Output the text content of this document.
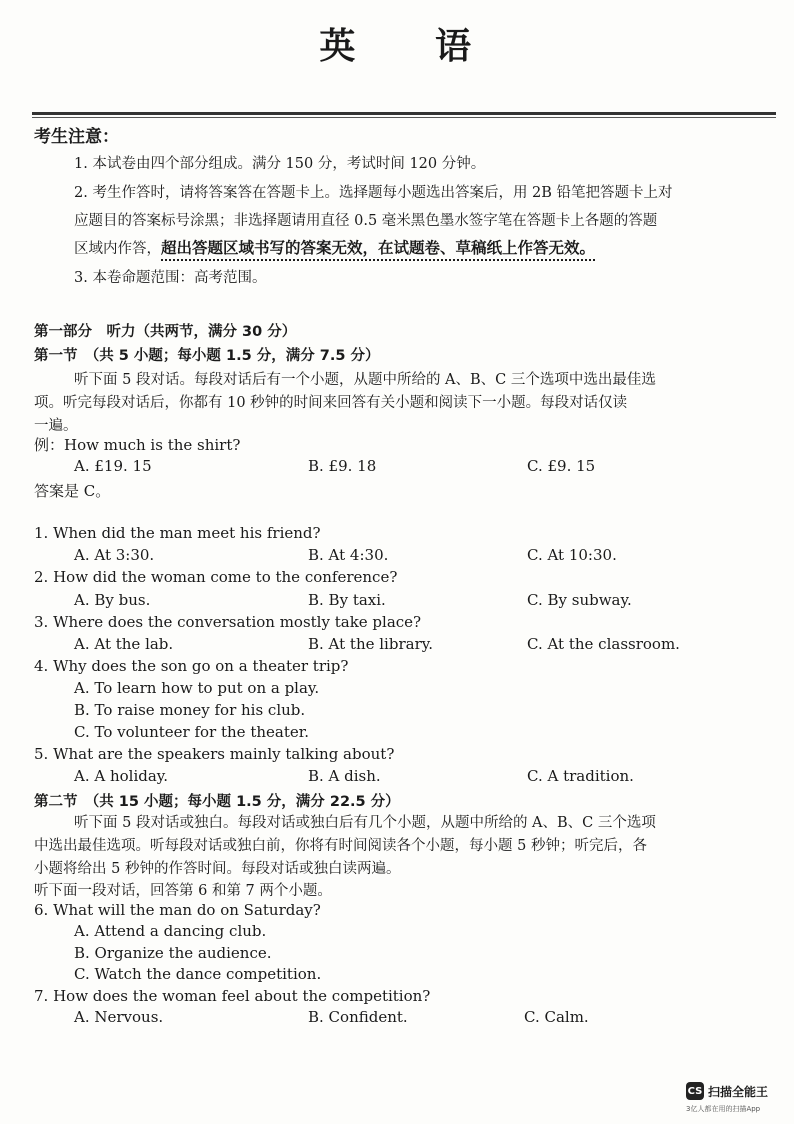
英 语
考生注意：
1. 本试卷由四个部分组成。满分 150 分，考试时间 120 分钟。
2. 考生作答时，请将答案答在答题卡上。选择题每小题选出答案后，用 2B 铅笔把答题卡上对
应题目的答案标号涂黑；非选择题请用直径 0.5 毫米黑色墨水签字笔在答题卡上各题的答题
区域内作答，超出答题区域书写的答案无效，在试题卷、草稿纸上作答无效。
3. 本卷命题范围：高考范围。
第一部分　听力（共两节，满分 30 分）
第一节　（共 5 小题；每小题 1.5 分，满分 7.5 分）
听下面 5 段对话。每段对话后有一个小题，从题中所给的 A、B、C 三个选项中选出最佳选
项。听完每段对话后，你都有 10 秒钟的时间来回答有关小题和阅读下一小题。每段对话仅读
一遍。
例：How much is the shirt?
A. £19. 15	B. £9. 18	C. £9. 15
答案是 C。
1. When did the man meet his friend?
A. At 3:30.	B. At 4:30.	C. At 10:30.
2. How did the woman come to the conference?
A. By bus.	B. By taxi.	C. By subway.
3. Where does the conversation mostly take place?
A. At the lab.	B. At the library.	C. At the classroom.
4. Why does the son go on a theater trip?
A. To learn how to put on a play.
B. To raise money for his club.
C. To volunteer for the theater.
5. What are the speakers mainly talking about?
A. A holiday.	B. A dish.	C. A tradition.
第二节　（共 15 小题；每小题 1.5 分，满分 22.5 分）
听下面 5 段对话或独白。每段对话或独白后有几个小题，从题中所给的 A、B、C 三个选项
中选出最佳选项。听每段对话或独白前，你将有时间阅读各个小题，每小题 5 秒钟；听完后，各
小题将给出 5 秒钟的作答时间。每段对话或独白读两遍。
听下面一段对话，回答第 6 和第 7 两个小题。
6. What will the man do on Saturday?
A. Attend a dancing club.
B. Organize the audience.
C. Watch the dance competition.
7. How does the woman feel about the competition?
A. Nervous.	B. Confident.	C. Calm.
CS 扫描全能王
3亿人都在用的扫描App
